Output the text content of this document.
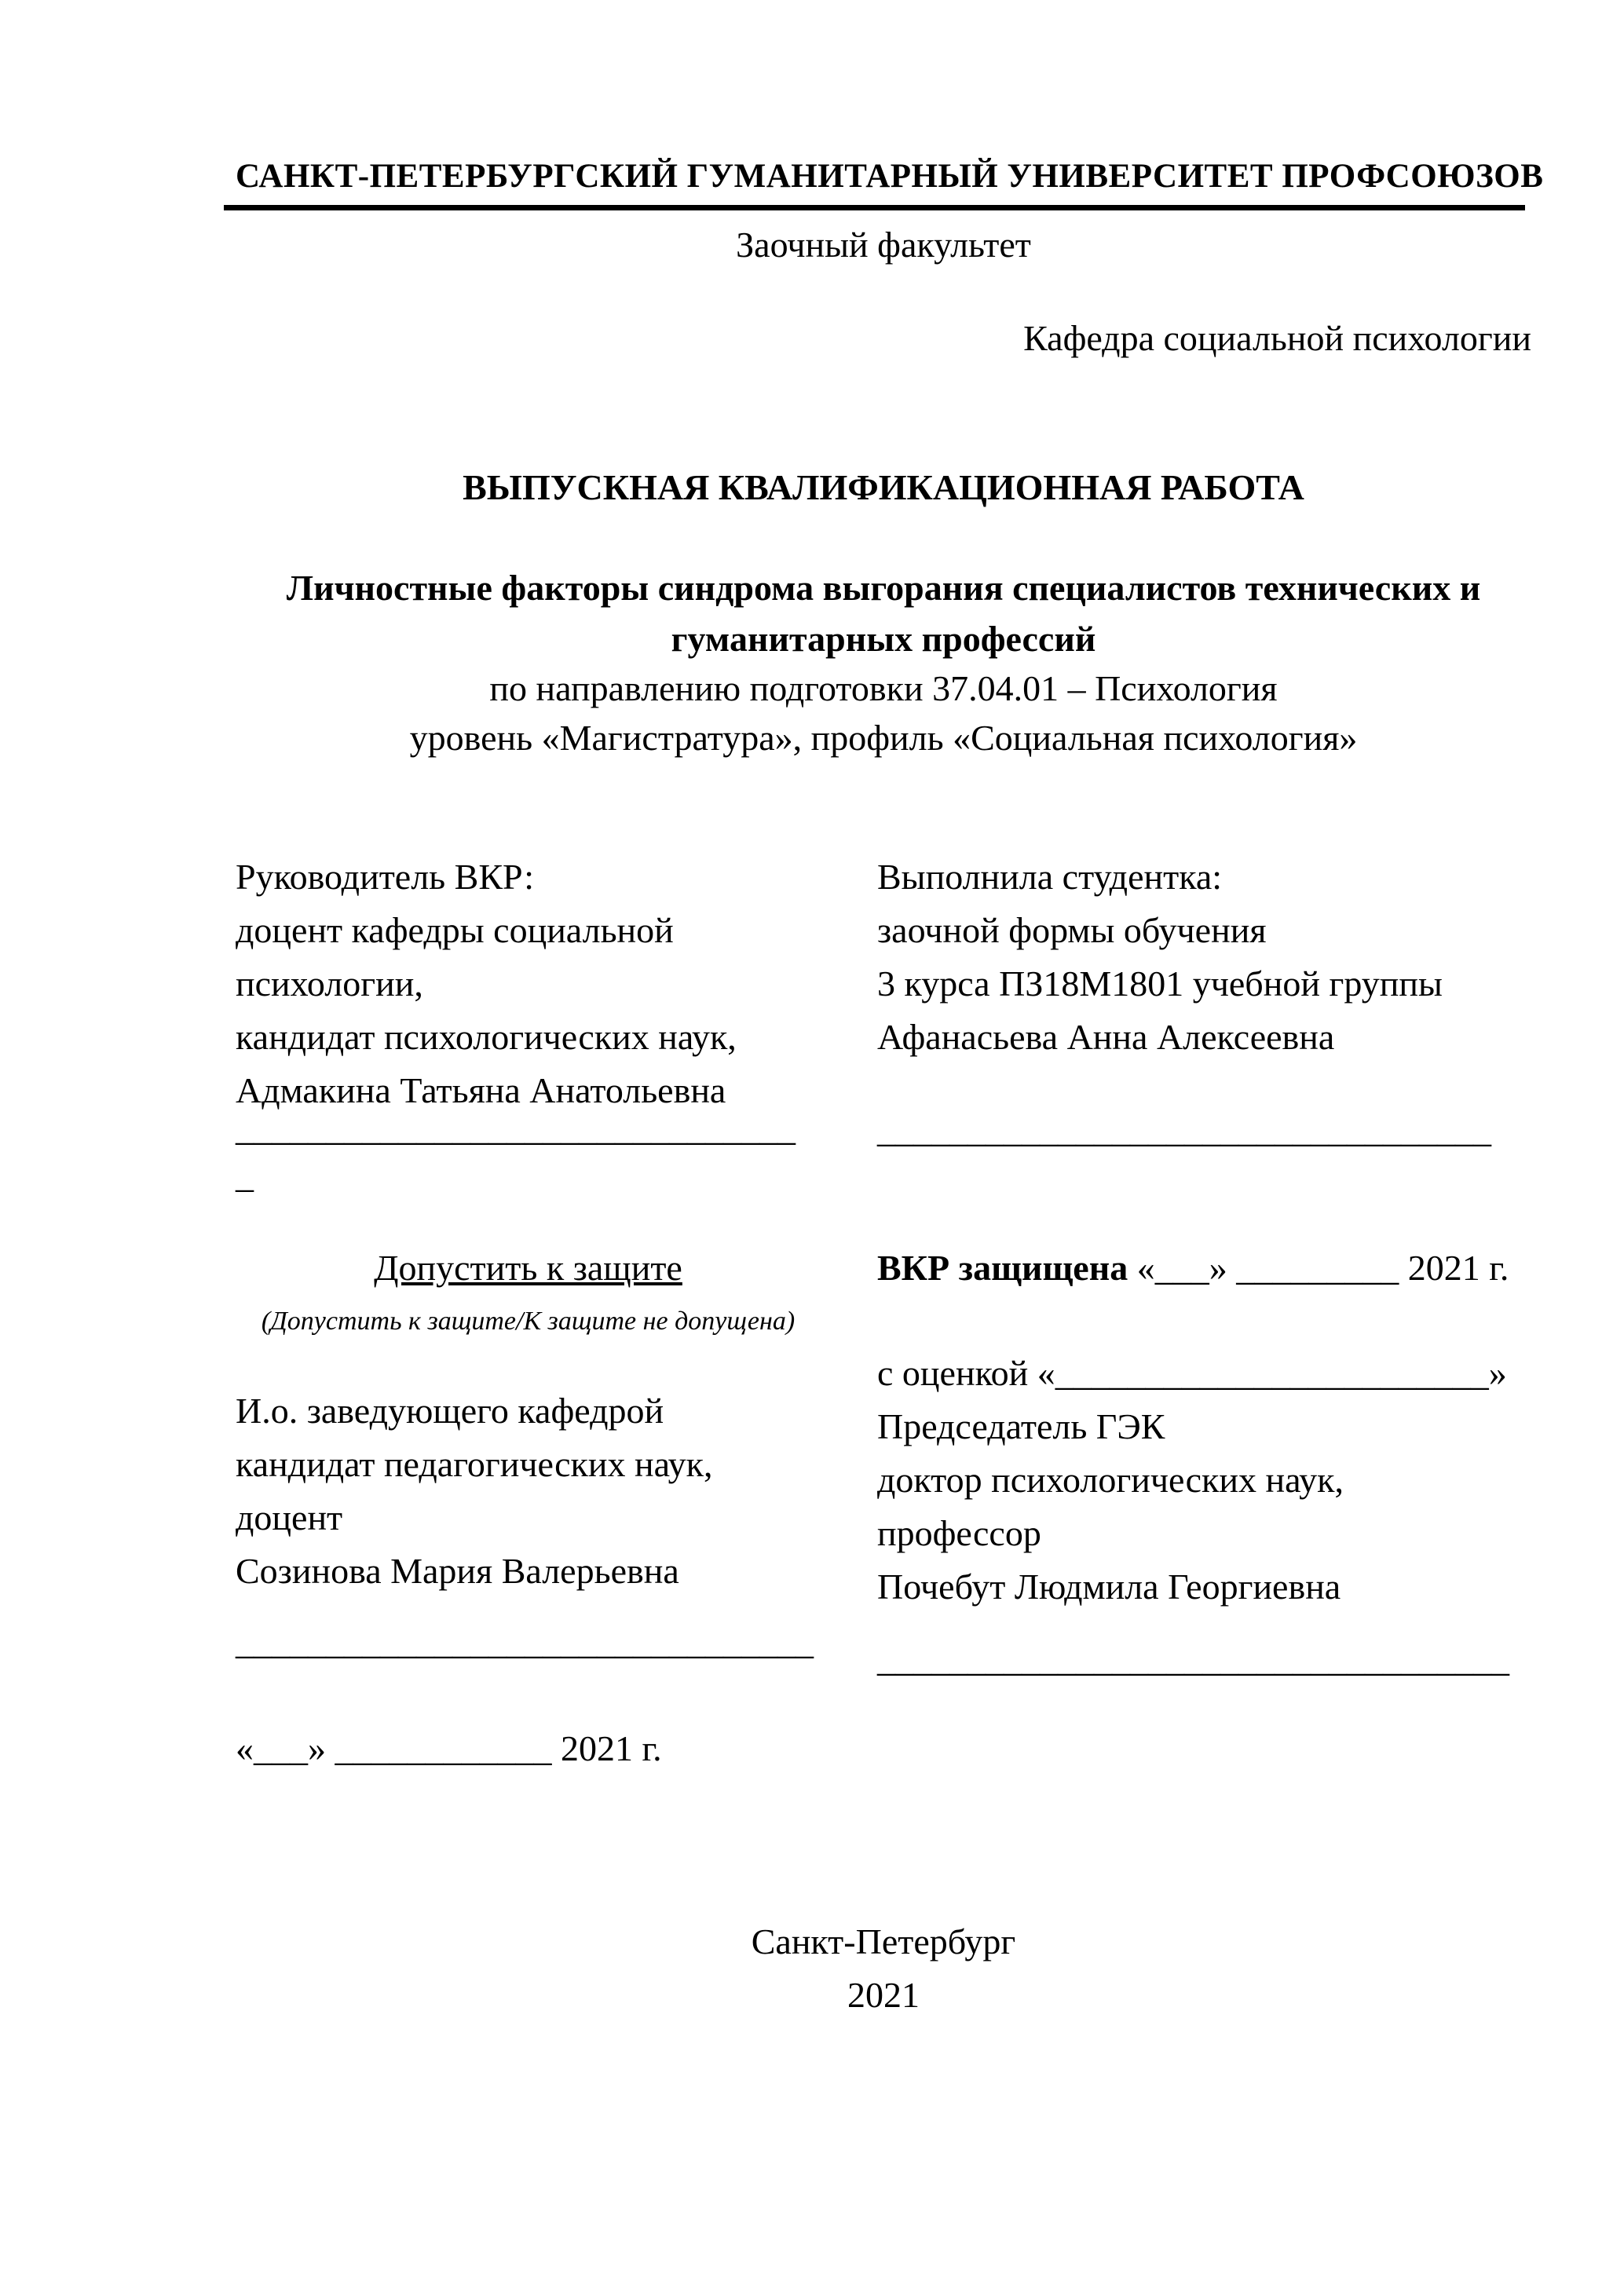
САНКТ-ПЕТЕРБУРГСКИЙ ГУМАНИТАРНЫЙ УНИВЕРСИТЕТ ПРОФСОЮЗОВ
Заочный факультет
Кафедра социальной психологии
ВЫПУСКНАЯ КВАЛИФИКАЦИОННАЯ РАБОТА
Личностные факторы синдрома выгорания специалистов технических и
гуманитарных профессий
по направлению подготовки 37.04.01 – Психология
уровень «Магистратура», профиль «Социальная психология»
Руководитель ВКР:
доцент кафедры социальной
психологии,
кандидат психологических наук,
Адмакина Татьяна Анатольевна
_______________________________
_
Выполнила студентка:
заочной формы обучения
3 курса ПЗ18М1801 учебной группы
Афанасьева Анна Алексеевна
__________________________________
Допустить к защите
(Допустить к защите/К защите не допущена)
И.о. заведующего кафедрой
кандидат педагогических наук,
доцент
Созинова Мария Валерьевна
________________________________
«___» ____________ 2021 г.
ВКР защищена «___» _________ 2021 г.
с оценкой «________________________»
Председатель ГЭК
доктор психологических наук,
профессор
Почебут Людмила Георгиевна
___________________________________
Санкт-Петербург
2021
